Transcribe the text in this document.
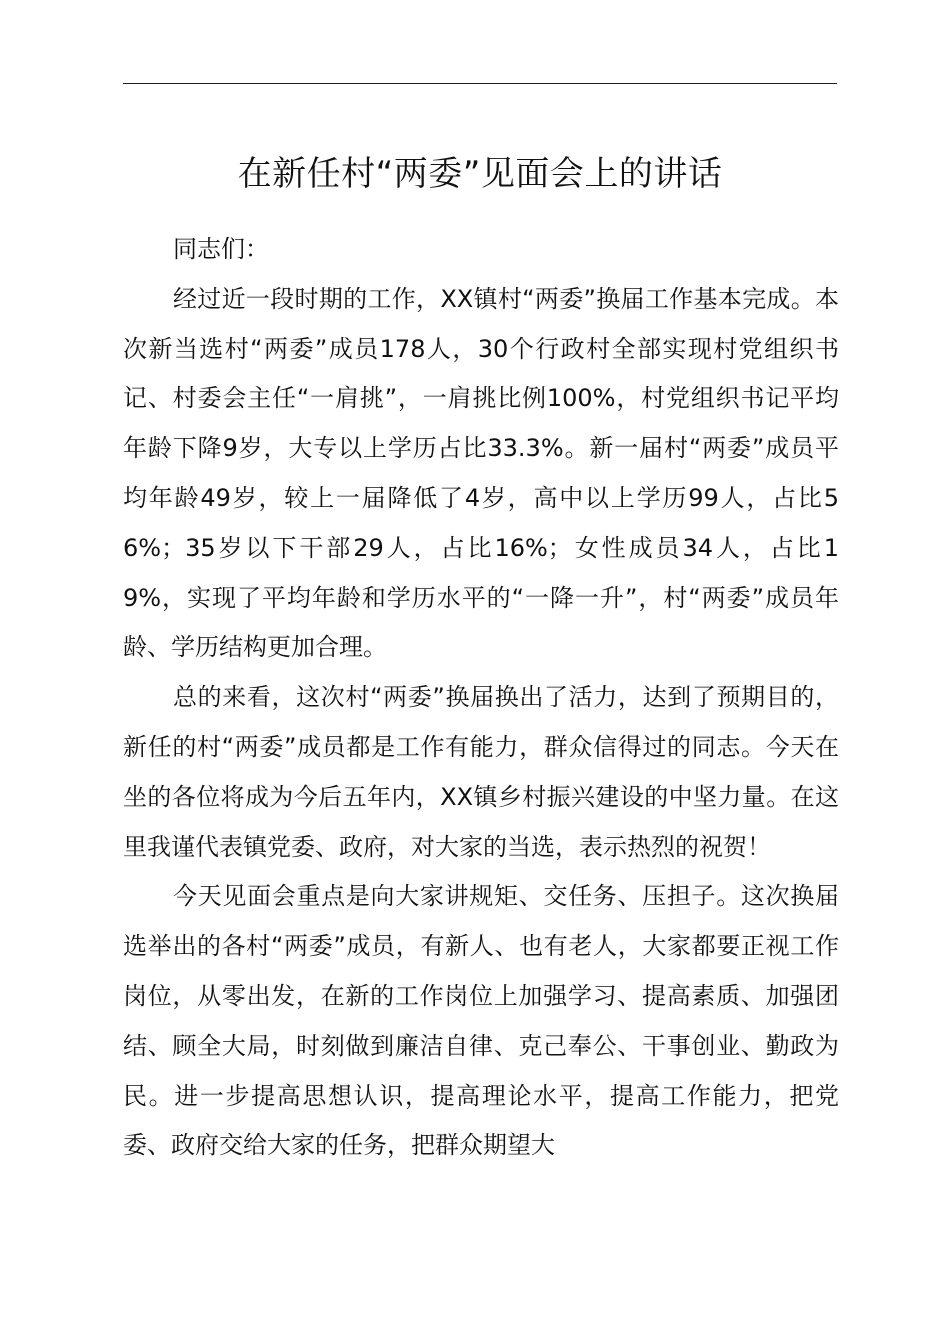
在新任村“两委”见面会上的讲话

同志们：

经过近一段时期的工作，XX镇村“两委”换届工作基本完成。本次新当选村“两委”成员178人，30个行政村全部实现村党组织书记、村委会主任“一肩挑”，一肩挑比例100%，村党组织书记平均年龄下降9岁，大专以上学历占比33.3%。新一届村“两委”成员平均年龄49岁，较上一届降低了4岁，高中以上学历99人，占比56%；35岁以下干部29人，占比16%；女性成员34人，占比19%，实现了平均年龄和学历水平的“一降一升”，村“两委”成员年龄、学历结构更加合理。

总的来看，这次村“两委”换届换出了活力，达到了预期目的，新任的村“两委”成员都是工作有能力，群众信得过的同志。今天在坐的各位将成为今后五年内，XX镇乡村振兴建设的中坚力量。在这里我谨代表镇党委、政府，对大家的当选，表示热烈的祝贺！

今天见面会重点是向大家讲规矩、交任务、压担子。这次换届选举出的各村“两委”成员，有新人、也有老人，大家都要正视工作岗位，从零出发，在新的工作岗位上加强学习、提高素质、加强团结、顾全大局，时刻做到廉洁自律、克己奉公、干事创业、勤政为民。进一步提高思想认识，提高理论水平，提高工作能力，把党委、政府交给大家的任务，把群众期望大
